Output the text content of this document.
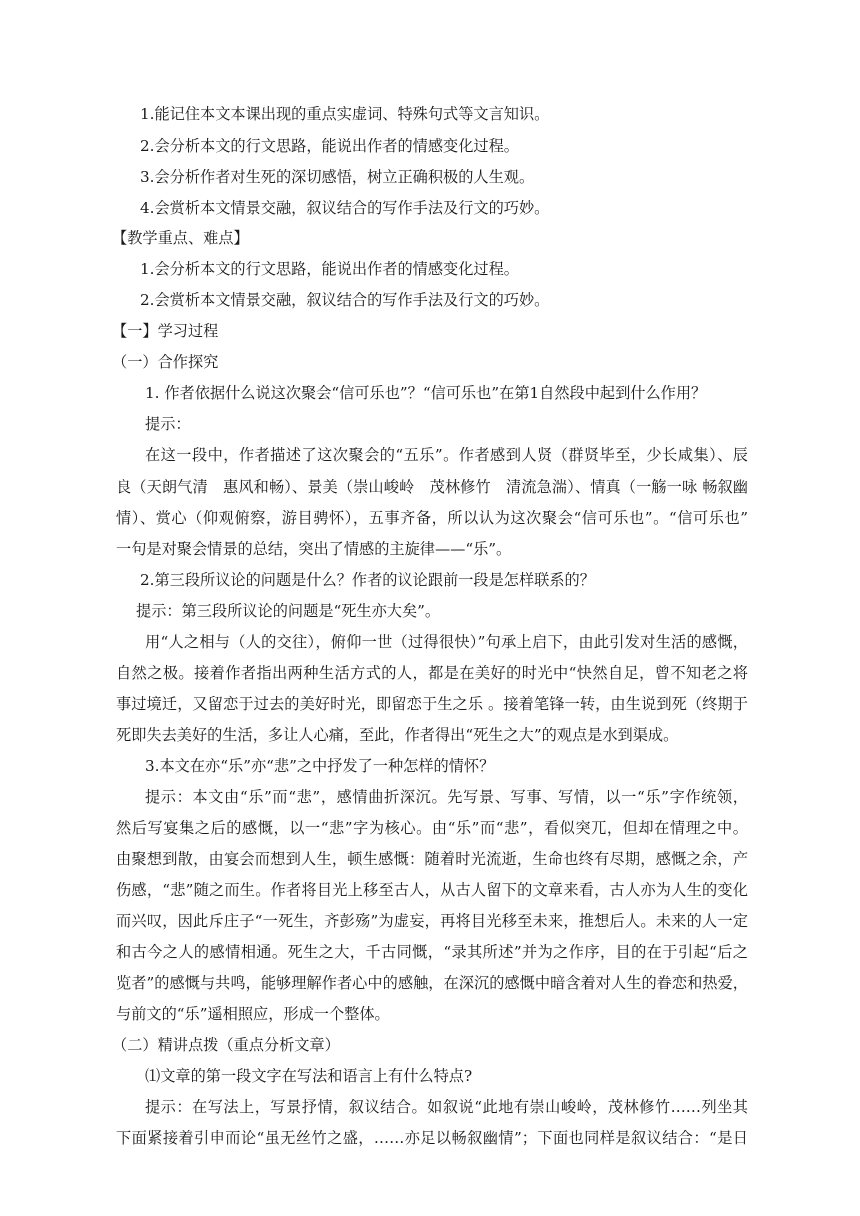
1.能记住本文本课出现的重点实虚词、特殊句式等文言知识。
2.会分析本文的行文思路，能说出作者的情感变化过程。
3.会分析作者对生死的深切感悟，树立正确积极的人生观。
4.会赏析本文情景交融，叙议结合的写作手法及行文的巧妙。
【教学重点、难点】
1.会分析本文的行文思路，能说出作者的情感变化过程。
2.会赏析本文情景交融，叙议结合的写作手法及行文的巧妙。
【一】学习过程
（一）合作探究
1. 作者依据什么说这次聚会“信可乐也”？“信可乐也”在第1自然段中起到什么作用？
提示：
在这一段中，作者描述了这次聚会的“五乐”。作者感到人贤（群贤毕至，少长咸集）、辰
良（天朗气清　惠风和畅）、景美（崇山峻岭　茂林修竹　清流急湍）、情真（一觞一咏 畅叙幽
情）、赏心（仰观俯察，游目骋怀），五事齐备，所以认为这次聚会“信可乐也”。“信可乐也”
一句是对聚会情景的总结，突出了情感的主旋律——“乐”。
2.第三段所议论的问题是什么？作者的议论跟前一段是怎样联系的？
提示：第三段所议论的问题是“死生亦大矣”。
用“人之相与（人的交往），俯仰一世（过得很快）”句承上启下，由此引发对生活的感慨，
自然之极。接着作者指出两种生活方式的人，都是在美好的时光中“快然自足，曾不知老之将
事过境迁，又留恋于过去的美好时光，即留恋于生之乐 。接着笔锋一转，由生说到死（终期于
死即失去美好的生活，多让人心痛，至此，作者得出“死生之大”的观点是水到渠成。
3.本文在亦“乐”亦“悲”之中抒发了一种怎样的情怀？
提示：本文由“乐”而“悲”，感情曲折深沉。先写景、写事、写情，以一“乐”字作统领，
然后写宴集之后的感慨，以一“悲”字为核心。由“乐”而“悲”，看似突兀，但却在情理之中。
由聚想到散，由宴会而想到人生，顿生感慨：随着时光流逝，生命也终有尽期，感慨之余，产
伤感，“悲”随之而生。作者将目光上移至古人，从古人留下的文章来看，古人亦为人生的变化
而兴叹，因此斥庄子“一死生，齐彭殇”为虚妄，再将目光移至未来，推想后人。未来的人一定
和古今之人的感情相通。死生之大，千古同慨，“录其所述”并为之作序，目的在于引起“后之
览者”的感慨与共鸣，能够理解作者心中的感触，在深沉的感慨中暗含着对人生的眷恋和热爱，
与前文的“乐”遥相照应，形成一个整体。
（二）精讲点拨（重点分析文章）
⑴文章的第一段文字在写法和语言上有什么特点?
提示：在写法上，写景抒情，叙议结合。如叙说“此地有崇山峻岭，茂林修竹……列坐其
下面紧接着引申而论“虽无丝竹之盛，……亦足以畅叙幽情”；下面也同样是叙议结合：“是日
